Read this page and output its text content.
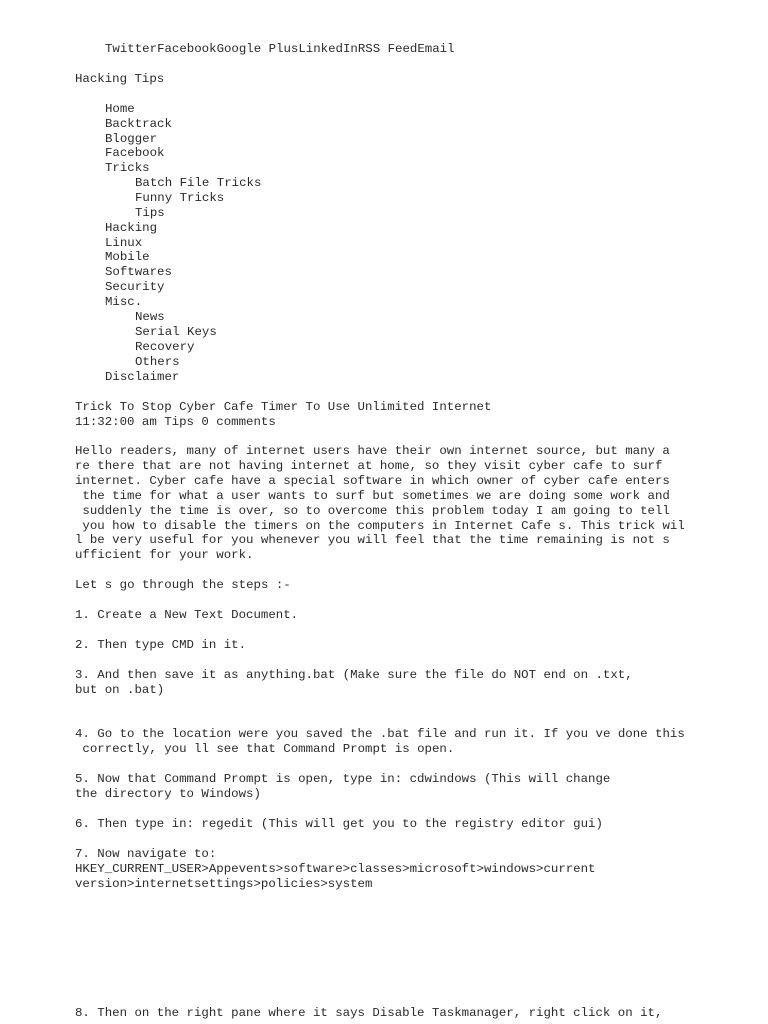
TwitterFacebookGoogle PlusLinkedInRSS FeedEmail
Hacking Tips
Home
Backtrack
Blogger
Facebook
Tricks
Batch File Tricks
Funny Tricks
Tips
Hacking
Linux
Mobile
Softwares
Security
Misc.
News
Serial Keys
Recovery
Others
Disclaimer
Trick To Stop Cyber Cafe Timer To Use Unlimited Internet
11:32:00 am Tips 0 comments
Hello readers, many of internet users have their own internet source, but many a
re there that are not having internet at home, so they visit cyber cafe to surf
internet. Cyber cafe have a special software in which owner of cyber cafe enters
the time for what a user wants to surf but sometimes we are doing some work and
suddenly the time is over, so to overcome this problem today I am going to tell
you how to disable the timers on the computers in Internet Cafes. This trick wil
l be very useful for you whenever you will feel that the time remaining is not s
ufficient for your work.
Lets go through the steps :-
1. Create a New Text Document.
2. Then type CMD in it.
3. And then save it as anything.bat (Make sure the file do NOT end on .txt,
but on .bat)
4. Go to the location were you saved the .bat file and run it. If youve done this
correctly, youll see that Command Prompt is open.
5. Now that Command Prompt is open, type in: cdwindows (This will change
the directory to Windows)
6. Then type in: regedit (This will get you to the registry editor gui)
7. Now navigate to:
HKEY_CURRENT_USER>Appevents>software>classes>microsoft>windows>current
version>internetsettings>policies>system
8. Then on the right pane where it says Disable Taskmanager, right click on it,
